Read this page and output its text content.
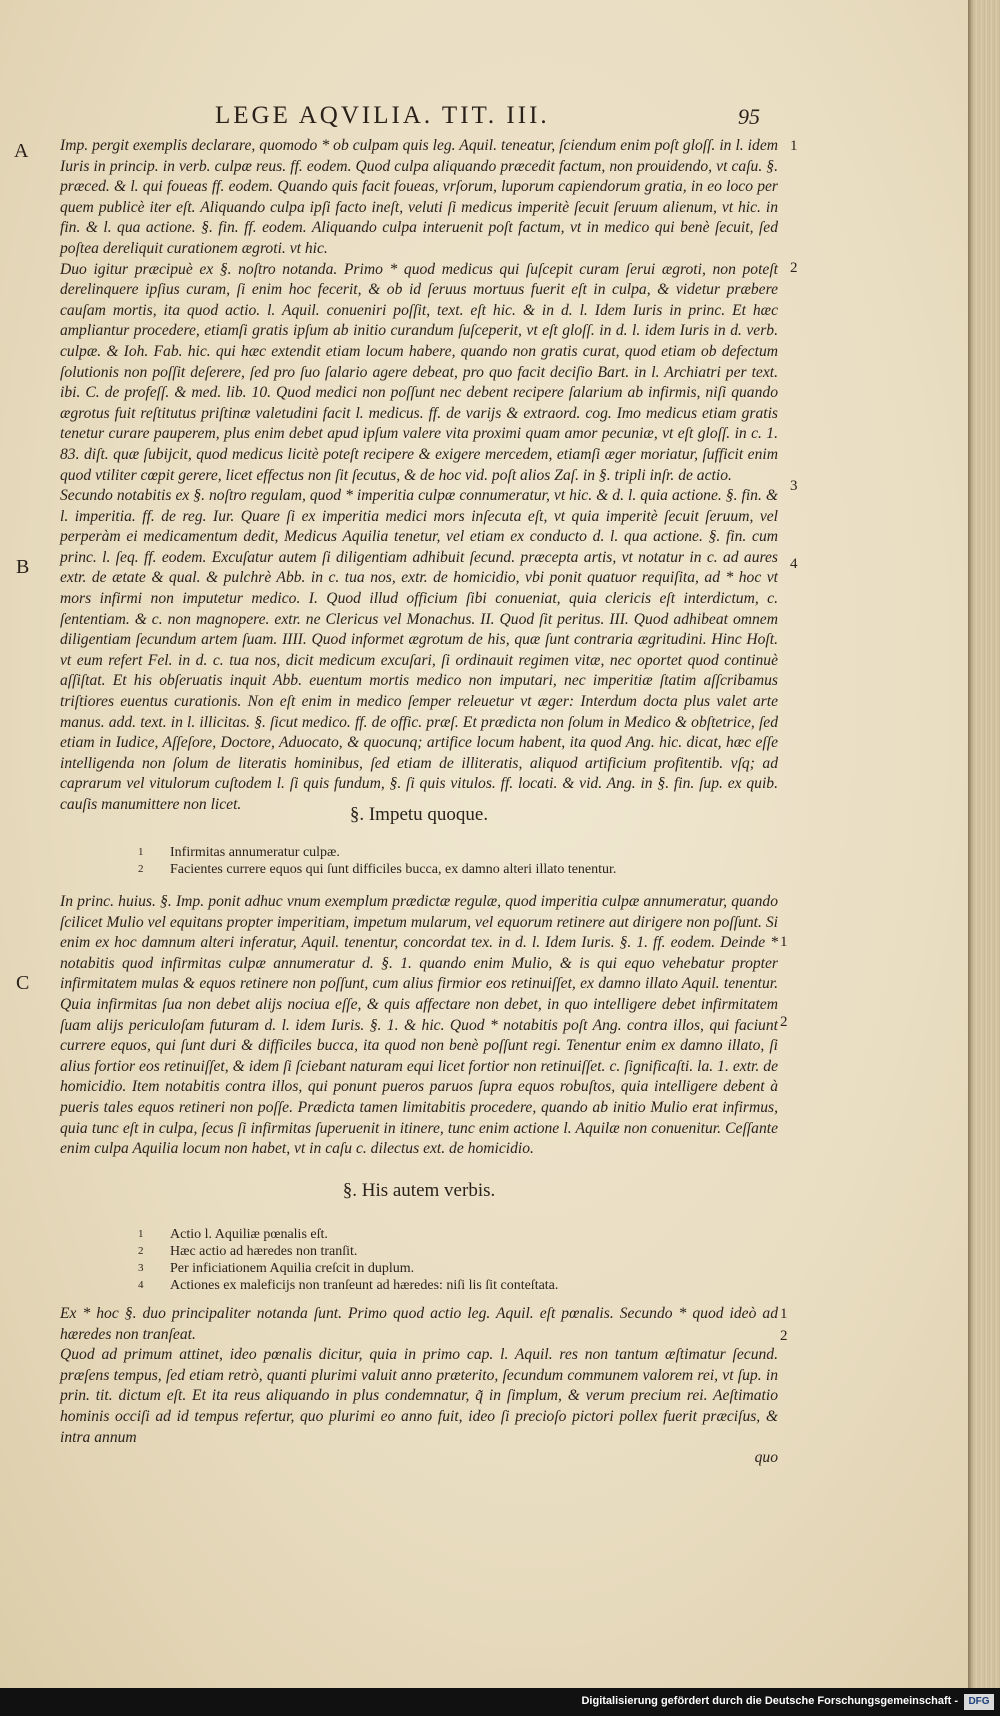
LEGE AQVILIA. TIT. III.	95
A
B
C
1
2
3
4
1
2
1
2

Imp. pergit exemplis declarare, quomodo * ob culpam quis leg. Aquil. teneatur, ſciendum enim poſt gloſſ. in l. idem Iuris in princip. in verb. culpæ reus. ff. eodem. Quod culpa aliquando præcedit factum, non prouidendo, vt caſu. §. præced. & l. qui foueas ff. eodem. Quando quis facit foueas, vrſorum, luporum capiendorum gratia, in eo loco per quem publicè iter eſt. Aliquando culpa ipſi facto ineſt, veluti ſi medicus imperitè ſecuit ſeruum alienum, vt hic. in fin. & l. qua actione. §. fin. ff. eodem. Aliquando culpa interuenit poſt factum, vt in medico qui benè ſecuit, ſed poſtea dereliquit curationem ægroti. vt hic.

Duo igitur præcipuè ex §. noſtro notanda. Primo * quod medicus qui ſuſcepit curam ſerui ægroti, non poteſt derelinquere ipſius curam, ſi enim hoc fecerit, & ob id ſeruus mortuus fuerit eſt in culpa, & videtur præbere cauſam mortis, ita quod actio. l. Aquil. conueniri poſſit, text. eſt hic. & in d. l. Idem Iuris in princ. Et hæc ampliantur procedere, etiamſi gratis ipſum ab initio curandum ſuſceperit, vt eſt gloſſ. in d. l. idem Iuris in d. verb. culpæ. & Ioh. Fab. hic. qui hæc extendit etiam locum habere, quando non gratis curat, quod etiam ob defectum ſolutionis non poſſit deſerere, ſed pro ſuo ſalario agere debeat, pro quo facit deciſio Bart. in l. Archiatri per text. ibi. C. de profeſſ. & med. lib. 10. Quod medici non poſſunt nec debent recipere ſalarium ab infirmis, niſi quando ægrotus fuit reſtitutus priſtinæ valetudini facit l. medicus. ff. de varijs & extraord. cog. Imo medicus etiam gratis tenetur curare pauperem, plus enim debet apud ipſum valere vita proximi quam amor pecuniæ, vt eſt gloſſ. in c. 1. 83. diſt. quæ ſubijcit, quod medicus licitè poteſt recipere & exigere mercedem, etiamſi æger moriatur, ſufficit enim quod vtiliter cœpit gerere, licet effectus non ſit ſecutus, & de hoc vid. poſt alios Zaſ. in §. tripli inſr. de actio.

Secundo notabitis ex §. noſtro regulam, quod * imperitia culpæ connumeratur, vt hic. & d. l. quia actione. §. fin. & l. imperitia. ff. de reg. Iur. Quare ſi ex imperitia medici mors inſecuta eſt, vt quia imperitè ſecuit ſeruum, vel perperàm ei medicamentum dedit, Medicus Aquilia tenetur, vel etiam ex conducto d. l. qua actione. §. fin. cum princ. l. ſeq. ff. eodem. Excuſatur autem ſi diligentiam adhibuit ſecund. præcepta artis, vt notatur in c. ad aures extr. de ætate & qual. & pulchrè Abb. in c. tua nos, extr. de homicidio, vbi ponit quatuor requiſita, ad * hoc vt mors infirmi non imputetur medico. I. Quod illud officium ſibi conueniat, quia clericis eſt interdictum, c. ſententiam. & c. non magnopere. extr. ne Clericus vel Monachus. II. Quod ſit peritus. III. Quod adhibeat omnem diligentiam ſecundum artem ſuam. IIII. Quod informet ægrotum de his, quæ ſunt contraria ægritudini. Hinc Hoſt. vt eum refert Fel. in d. c. tua nos, dicit medicum excuſari, ſi ordinauit regimen vitæ, nec oportet quod continuè aſſiſtat. Et his obſeruatis inquit Abb. euentum mortis medico non imputari, nec imperitiæ ſtatim aſſcribamus triſtiores euentus curationis. Non eſt enim in medico ſemper releuetur vt æger: Interdum docta plus valet arte manus. add. text. in l. illicitas. §. ſicut medico. ff. de offic. præſ. Et prædicta non ſolum in Medico & obſtetrice, ſed etiam in Iudice, Aſſeſore, Doctore, Aduocato, & quocunq; artifice locum habent, ita quod Ang. hic. dicat, hæc eſſe intelligenda non ſolum de literatis hominibus, ſed etiam de illiteratis, aliquod artificium profitentib. vſq; ad caprarum vel vitulorum cuſtodem l. ſi quis fundum, §. ſi quis vitulos. ff. locati. & vid. Ang. in §. fin. ſup. ex quib. cauſis manumittere non licet.	§. Impetu quoque.
1	Infirmitas annumeratur culpæ.
2	Facientes currere equos qui ſunt difficiles bucca, ex damno alteri illato tenentur.

In princ. huius. §. Imp. ponit adhuc vnum exemplum prædictæ regulæ, quod imperitia culpæ annumeratur, quando ſcilicet Mulio vel equitans propter imperitiam, impetum mularum, vel equorum retinere aut dirigere non poſſunt. Si enim ex hoc damnum alteri inferatur, Aquil. tenentur, concordat tex. in d. l. Idem Iuris. §. 1. ff. eodem. Deinde * notabitis quod infirmitas culpæ annumeratur d. §. 1. quando enim Mulio, & is qui equo vehebatur propter infirmitatem mulas & equos retinere non poſſunt, cum alius firmior eos retinuiſſet, ex damno illato Aquil. tenentur. Quia infirmitas ſua non debet alijs nociua eſſe, & quis affectare non debet, in quo intelligere debet infirmitatem ſuam alijs periculoſam futuram d. l. idem Iuris. §. 1. & hic. Quod * notabitis poſt Ang. contra illos, qui faciunt currere equos, qui ſunt duri & difficiles bucca, ita quod non benè poſſunt regi. Tenentur enim ex damno illato, ſi alius fortior eos retinuiſſet, & idem ſi ſciebant naturam equi licet fortior non retinuiſſet. c. ſignificaſti. la. 1. extr. de homicidio. Item notabitis contra illos, qui ponunt pueros paruos ſupra equos robuſtos, quia intelligere debent à pueris tales equos retineri non poſſe. Prædicta tamen limitabitis procedere, quando ab initio Mulio erat infirmus, quia tunc eſt in culpa, ſecus ſi infirmitas ſuperuenit in itinere, tunc enim actione l. Aquilæ non conuenitur. Ceſſante enim culpa Aquilia locum non habet, vt in caſu c. dilectus ext. de homicidio.

§. His autem verbis.
1	Actio l. Aquiliæ pœnalis eſt.
2	Hæc actio ad hæredes non tranſit.
3	Per inficiationem Aquilia creſcit in duplum.
4	Actiones ex maleficijs non tranſeunt ad hæredes: niſi lis ſit conteſtata.

Ex * hoc §. duo principaliter notanda ſunt. Primo quod actio leg. Aquil. eſt pœnalis. Secundo * quod ideò ad hæredes non tranſeat.

Quod ad primum attinet, ideo pœnalis dicitur, quia in primo cap. l. Aquil. res non tantum æſtimatur ſecund. præſens tempus, ſed etiam retrò, quanti plurimi valuit anno præterito, ſecundum communem valorem rei, vt ſup. in prin. tit. dictum eſt. Et ita reus aliquando in plus condemnatur, q̃ in ſimplum, & verum precium rei. Aeſtimatio hominis occiſi ad id tempus refertur, quo plurimi eo anno fuit, ideo ſi precioſo pictori pollex fuerit præciſus, & intra annum

quo

Digitalisierung gefördert durch die Deutsche Forschungsgemeinschaft -	DFG
